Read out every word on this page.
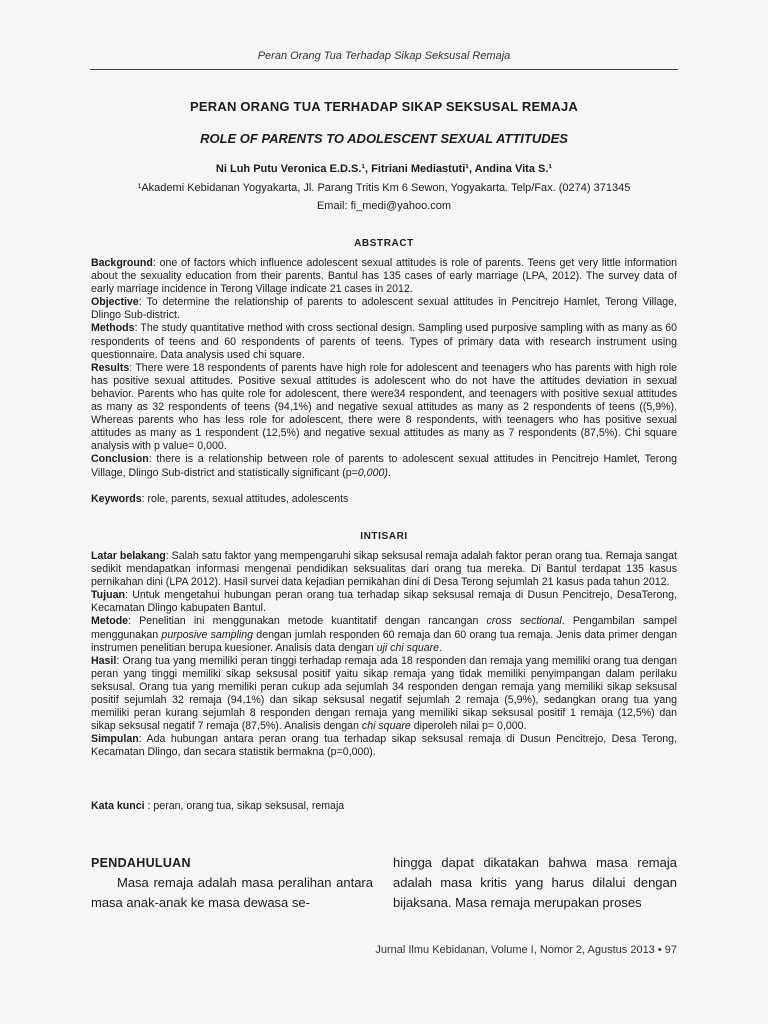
Peran Orang Tua Terhadap Sikap Seksusal Remaja
PERAN ORANG TUA TERHADAP SIKAP SEKSUSAL REMAJA
ROLE OF PARENTS TO ADOLESCENT SEXUAL ATTITUDES
Ni Luh Putu Veronica E.D.S.¹, Fitriani Mediastuti¹, Andina Vita S.¹
¹Akademi Kebidanan Yogyakarta, Jl. Parang Tritis Km 6 Sewon, Yogyakarta. Telp/Fax. (0274) 371345
Email: fi_medi@yahoo.com
ABSTRACT

Background: one of factors which influence adolescent sexual attitudes is role of parents. Teens get very little information about the sexuality education from their parents. Bantul has 135 cases of early marriage (LPA, 2012). The survey data of early marriage incidence in Terong Village indicate 21 cases in 2012.

Objective: To determine the relationship of parents to adolescent sexual attitudes in Pencitrejo Hamlet, Terong Village, Dlingo Sub-district.

Methods: The study quantitative method with cross sectional design. Sampling used purposive sampling with as many as 60 respondents of teens and 60 respondents of parents of teens. Types of primary data with research instrument using questionnaire. Data analysis used chi square.

Results: There were 18 respondents of parents have high role for adolescent and teenagers who has parents with high role has positive sexual attitudes. Positive sexual attitudes is adolescent who do not have the attitudes deviation in sexual behavior. Parents who has quite role for adolescent, there were34 respondent, and teenagers with positive sexual attitudes as many as 32 respondents of teens (94,1%) and negative sexual attitudes as many as 2 respondents of teens ((5,9%). Whereas parents who has less role for adolescent, there were 8 respondents, with teenagers who has positive sexual attitudes as many as 1 respondent (12,5%) and negative sexual attitudes as many as 7 respondents (87,5%). Chi square analysis with p value= 0,000.

Conclusion: there is a relationship between role of parents to adolescent sexual attitudes in Pencitrejo Hamlet, Terong Village, Dlingo Sub-district and statistically significant (p=0,000).

Keywords: role, parents, sexual attitudes, adolescents
INTISARI

Latar belakang: Salah satu faktor yang mempengaruhi sikap seksusal remaja adalah faktor peran orang tua. Remaja sangat sedikit mendapatkan informasi mengenai pendidikan seksualitas dari orang tua mereka. Di Bantul terdapat 135 kasus pernikahan dini (LPA 2012). Hasil survei data kejadian pernikahan dini di Desa Terong sejumlah 21 kasus pada tahun 2012.

Tujuan: Untuk mengetahui hubungan peran orang tua terhadap sikap seksusal remaja di Dusun Pencitrejo, DesaTerong, Kecamatan Dlingo kabupaten Bantul.

Metode: Penelitian ini menggunakan metode kuantitatif dengan rancangan cross sectional. Pengambilan sampel menggunakan purposive sampling dengan jumlah responden 60 remaja dan 60 orang tua remaja. Jenis data primer dengan instrumen penelitian berupa kuesioner. Analisis data dengan uji chi square.

Hasil: Orang tua yang memiliki peran tinggi terhadap remaja ada 18 responden dan remaja yang memiliki orang tua dengan peran yang tinggi memiliki sikap seksusal positif yaitu sikap remaja yang tidak memiliki penyimpangan dalam perilaku seksusal. Orang tua yang memiliki peran cukup ada sejumlah 34 responden dengan remaja yang memiliki sikap seksusal positif sejumlah 32 remaja (94,1%) dan sikap seksusal negatif sejumlah 2 remaja (5,9%), sedangkan orang tua yang memiliki peran kurang sejumlah 8 responden dengan remaja yang memiliki sikap seksusal positif 1 remaja (12,5%) dan sikap seksusal negatif 7 remaja (87,5%). Analisis dengan chi square diperoleh nilai p= 0,000.

Simpulan: Ada hubungan antara peran orang tua terhadap sikap seksusal remaja di Dusun Pencitrejo, Desa Terong, Kecamatan Dlingo, dan secara statistik bermakna (p=0,000).

Kata kunci : peran, orang tua, sikap seksusal, remaja

PENDAHULUAN

Masa remaja adalah masa peralihan antara masa anak-anak ke masa dewasa se-

hingga dapat dikatakan bahwa masa remaja adalah masa kritis yang harus dilalui dengan bijaksana. Masa remaja merupakan proses

Jurnal Ilmu Kebidanan, Volume I, Nomor 2, Agustus 2013 • 97
